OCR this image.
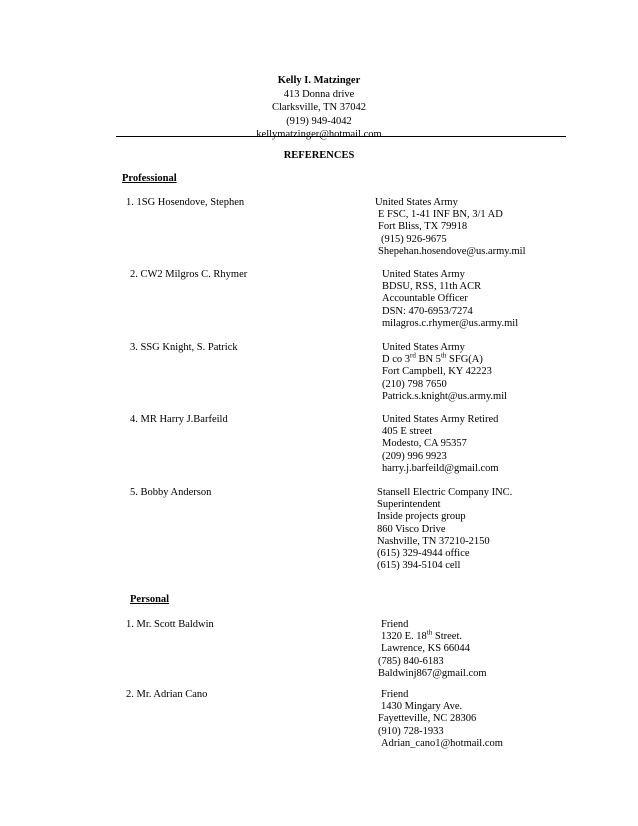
Kelly I. Matzinger
413 Donna drive
Clarksville, TN 37042
(919) 949-4042
kellymatzinger@hotmail.com
REFERENCES
Professional
1. 1SG Hosendove, Stephen	United States Army
E FSC, 1-41 INF BN, 3/1 AD
Fort Bliss, TX 79918
(915) 926-9675
Shepehan.hosendove@us.army.mil
2. CW2 Milgros C. Rhymer	United States Army
BDSU, RSS, 11th ACR
Accountable Officer
DSN: 470-6953/7274
milagros.c.rhymer@us.army.mil
3. SSG Knight, S. Patrick	United States Army
D co 3rd BN 5th SFG(A)
Fort Campbell, KY 42223
(210) 798 7650
Patrick.s.knight@us.army.mil
4. MR Harry J.Barfeild	United States Army Retired
405 E street
Modesto, CA 95357
(209) 996 9923
harry.j.barfeild@gmail.com
5. Bobby Anderson	Stansell Electric Company INC.
Superintendent
Inside projects group
860 Visco Drive
Nashville, TN 37210-2150
(615) 329-4944 office
(615) 394-5104 cell
Personal
1. Mr. Scott Baldwin	Friend
1320 E. 18th Street.
Lawrence, KS 66044
(785) 840-6183
Baldwinj867@gmail.com
2. Mr. Adrian Cano	Friend
1430 Mingary Ave.
Fayetteville, NC 28306
(910) 728-1933
Adrian_cano1@hotmail.com
